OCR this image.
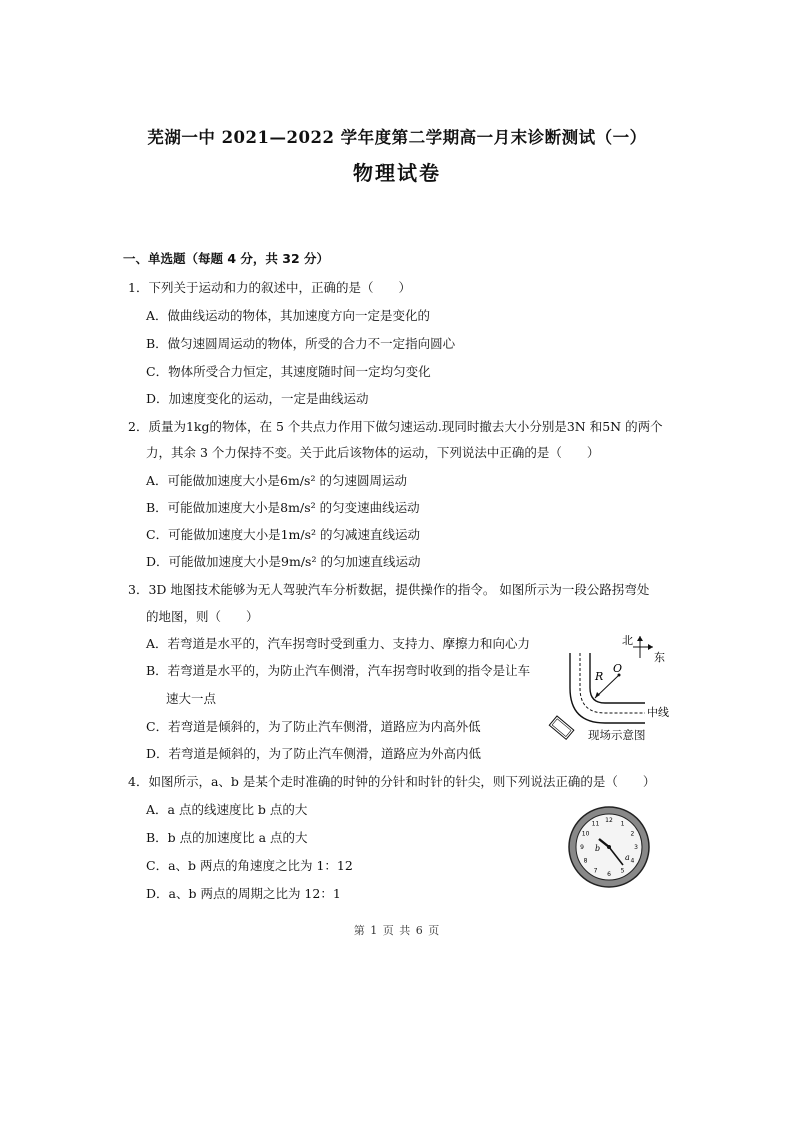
芜湖一中 2021—2022 学年度第二学期高一月末诊断测试（一）
物理试卷
一、单选题（每题 4 分，共 32 分）
1．下列关于运动和力的叙述中，正确的是（　　）
A．做曲线运动的物体，其加速度方向一定是变化的
B．做匀速圆周运动的物体，所受的合力不一定指向圆心
C．物体所受合力恒定，其速度随时间一定均匀变化
D．加速度变化的运动，一定是曲线运动
2．质量为1kg的物体，在 5 个共点力作用下做匀速运动.现同时撤去大小分别是3N 和5N 的两个
力，其余 3 个力保持不变。关于此后该物体的运动，下列说法中正确的是（　　）
A．可能做加速度大小是6m/s² 的匀速圆周运动
B．可能做加速度大小是8m/s² 的匀变速曲线运动
C．可能做加速度大小是1m/s² 的匀减速直线运动
D．可能做加速度大小是9m/s² 的匀加速直线运动
3．3D 地图技术能够为无人驾驶汽车分析数据，提供操作的指令。 如图所示为一段公路拐弯处
的地图，则（　　）
A．若弯道是水平的，汽车拐弯时受到重力、支持力、摩擦力和向心力
B．若弯道是水平的，为防止汽车侧滑，汽车拐弯时收到的指令是让车
速大一点
C．若弯道是倾斜的，为了防止汽车侧滑，道路应为内高外低
D．若弯道是倾斜的，为了防止汽车侧滑，道路应为外高内低
北
东
O
R
中线
现场示意图
4．如图所示，a、b 是某个走时准确的时钟的分针和时针的针尖，则下列说法正确的是（　　）
A．a 点的线速度比 b 点的大
B．b 点的加速度比 a 点的大
C．a、b 两点的角速度之比为 1：12
D．a、b 两点的周期之比为 12：1
12
1
2
3
4
5
6
7
8
9
10
11
a
b
第 1 页 共 6 页
